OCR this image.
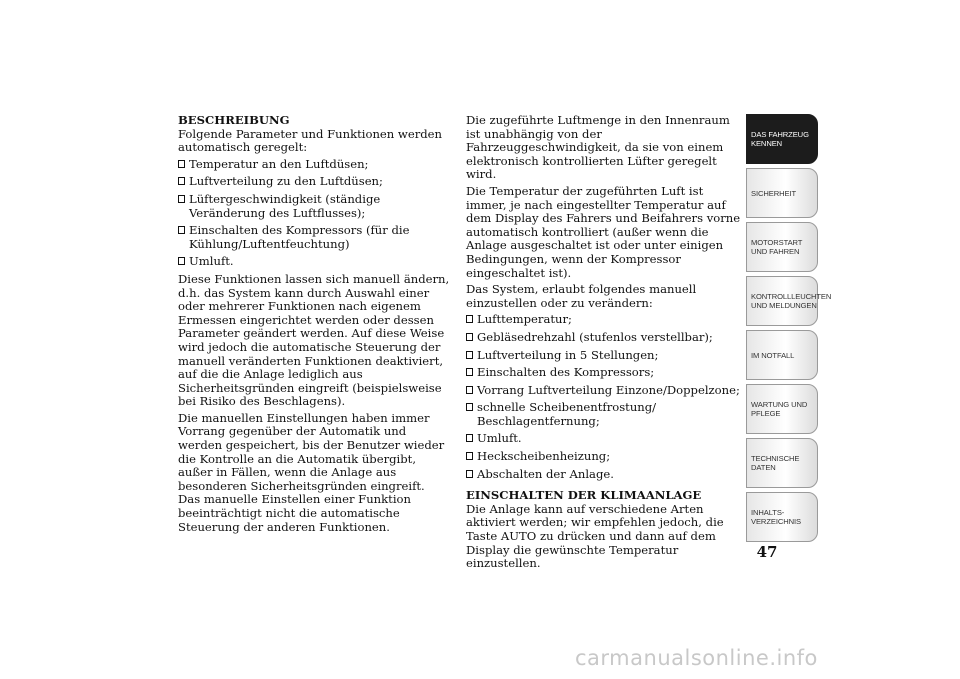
BESCHREIBUNG

Folgende Parameter und Funktionen werden automatisch geregelt:

Temperatur an den Luftdüsen;
Luftverteilung zu den Luftdüsen;
Lüftergeschwindigkeit (ständige Veränderung des Luftflusses);
Einschalten des Kompressors (für die Kühlung/Luftentfeuchtung)
Umluft.

Diese Funktionen lassen sich manuell ändern, d.h. das System kann durch Auswahl einer oder mehrerer Funktionen nach eigenem Ermessen eingerichtet werden oder dessen Parameter geändert werden. Auf diese Weise wird jedoch die automatische Steuerung der manuell veränderten Funktionen deaktiviert, auf die die Anlage lediglich aus Sicherheitsgründen eingreift (beispielsweise bei Risiko des Beschlagens).

Die manuellen Einstellungen haben immer Vorrang gegenüber der Automatik und werden gespeichert, bis der Benutzer wieder die Kontrolle an die Automatik übergibt, außer in Fällen, wenn die Anlage aus besonderen Sicherheitsgründen eingreift. Das manuelle Einstellen einer Funktion beeinträchtigt nicht die automatische Steuerung der anderen Funktionen.

Die zugeführte Luftmenge in den Innenraum ist unabhängig von der Fahrzeuggeschwindigkeit, da sie von einem elektronisch kontrollierten Lüfter geregelt wird.

Die Temperatur der zugeführten Luft ist immer, je nach eingestellter Temperatur auf dem Display des Fahrers und Beifahrers vorne automatisch kontrolliert (außer wenn die Anlage ausgeschaltet ist oder unter einigen Bedingungen, wenn der Kompressor eingeschaltet ist).

Das System, erlaubt folgendes manuell einzustellen oder zu verändern:

Lufttemperatur;
Gebläsedrehzahl (stufenlos verstellbar);
Luftverteilung in 5 Stellungen;
Einschalten des Kompressors;
Vorrang Luftverteilung Einzone/Doppelzone;
schnelle Scheibenentfrostung/ Beschlagentfernung;
Umluft.
Heckscheibenheizung;
Abschalten der Anlage.

EINSCHALTEN DER KLIMAANLAGE

Die Anlage kann auf verschiedene Arten aktiviert werden; wir empfehlen jedoch, die Taste AUTO zu drücken und dann auf dem Display die gewünschte Temperatur einzustellen.

DAS FAHRZEUG KENNEN
SICHERHEIT
MOTORSTART UND FAHREN
KONTROLLLEUCHTEN UND MELDUNGEN
IM NOTFALL
WARTUNG UND PFLEGE
TECHNISCHE DATEN
INHALTS- VERZEICHNIS
47
carmanualsonline.info
